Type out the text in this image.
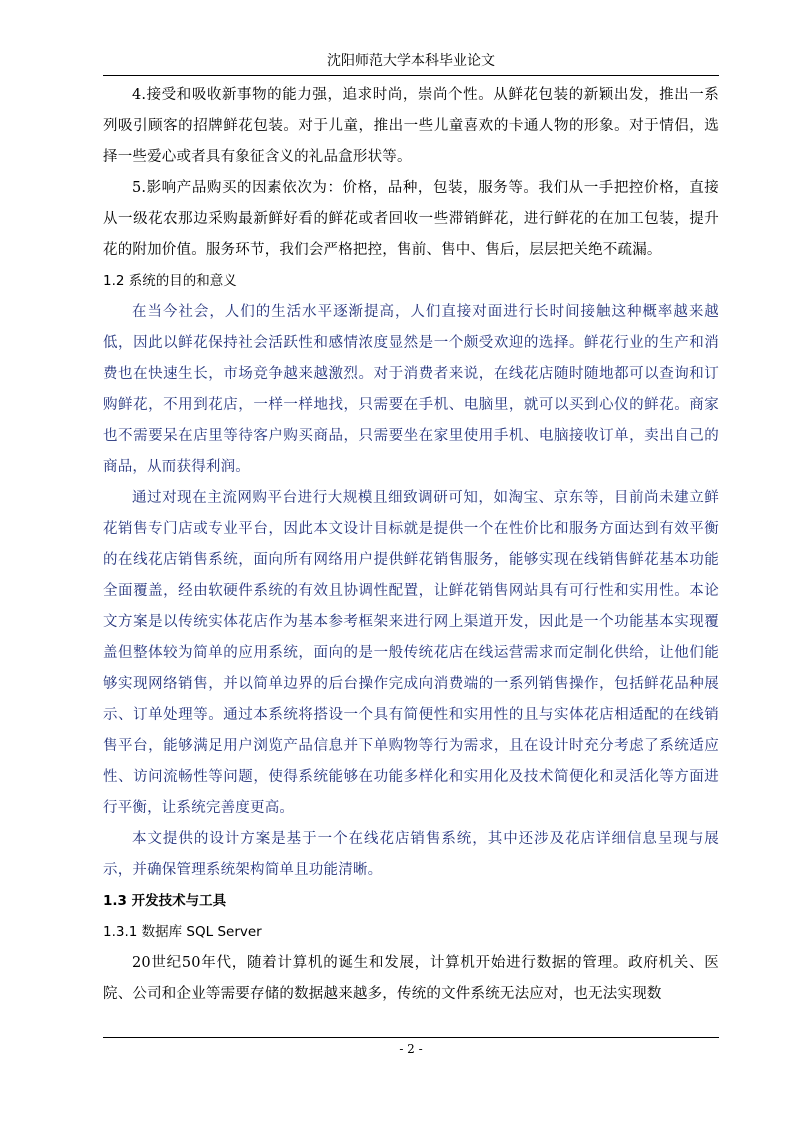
沈阳师范大学本科毕业论文

4.接受和吸收新事物的能力强，追求时尚，崇尚个性。从鲜花包装的新颖出发，推出一系列吸引顾客的招牌鲜花包装。对于儿童，推出一些儿童喜欢的卡通人物的形象。对于情侣，选择一些爱心或者具有象征含义的礼品盒形状等。

5.影响产品购买的因素依次为：价格，品种，包装，服务等。我们从一手把控价格，直接从一级花农那边采购最新鲜好看的鲜花或者回收一些滞销鲜花，进行鲜花的在加工包装，提升花的附加价值。服务环节，我们会严格把控，售前、售中、售后，层层把关绝不疏漏。

1.2 系统的目的和意义

在当今社会，人们的生活水平逐渐提高，人们直接对面进行长时间接触这种概率越来越低，因此以鲜花保持社会活跃性和感情浓度显然是一个颇受欢迎的选择。鲜花行业的生产和消费也在快速生长，市场竞争越来越激烈。对于消费者来说，在线花店随时随地都可以查询和订购鲜花，不用到花店，一样一样地找，只需要在手机、电脑里，就可以买到心仪的鲜花。商家也不需要呆在店里等待客户购买商品，只需要坐在家里使用手机、电脑接收订单，卖出自己的商品，从而获得利润。

通过对现在主流网购平台进行大规模且细致调研可知，如淘宝、京东等，目前尚未建立鲜花销售专门店或专业平台，因此本文设计目标就是提供一个在性价比和服务方面达到有效平衡的在线花店销售系统，面向所有网络用户提供鲜花销售服务，能够实现在线销售鲜花基本功能全面覆盖，经由软硬件系统的有效且协调性配置，让鲜花销售网站具有可行性和实用性。本论文方案是以传统实体花店作为基本参考框架来进行网上渠道开发，因此是一个功能基本实现覆盖但整体较为简单的应用系统，面向的是一般传统花店在线运营需求而定制化供给，让他们能够实现网络销售，并以简单边界的后台操作完成向消费端的一系列销售操作，包括鲜花品种展示、订单处理等。通过本系统将搭设一个具有简便性和实用性的且与实体花店相适配的在线销售平台，能够满足用户浏览产品信息并下单购物等行为需求，且在设计时充分考虑了系统适应性、访问流畅性等问题，使得系统能够在功能多样化和实用化及技术简便化和灵活化等方面进行平衡，让系统完善度更高。

本文提供的设计方案是基于一个在线花店销售系统，其中还涉及花店详细信息呈现与展示，并确保管理系统架构简单且功能清晰。

1.3 开发技术与工具

1.3.1 数据库 SQL Server

20世纪50年代，随着计算机的诞生和发展，计算机开始进行数据的管理。政府机关、医院、公司和企业等需要存储的数据越来越多，传统的文件系统无法应对，也无法实现数

- 2 -
